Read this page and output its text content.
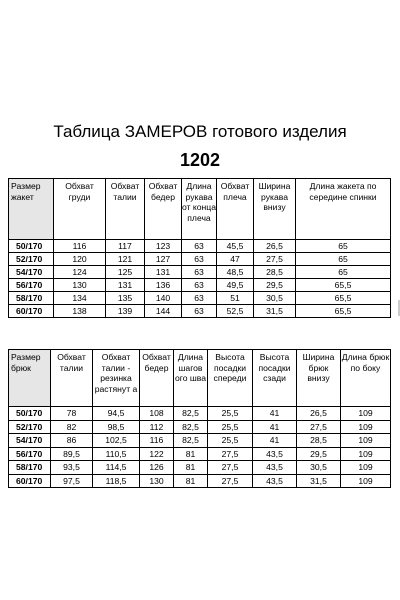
Таблица ЗАМЕРОВ готового изделия
1202
Размер жакет	Обхват груди	Обхват талии	Обхват бедер	Длина рукава от конца плеча	Обхват плеча	Ширина рукава внизу	Длина жакета по середине спинки
50/170	116	117	123	63	45,5	26,5	65
52/170	120	121	127	63	47	27,5	65
54/170	124	125	131	63	48,5	28,5	65
56/170	130	131	136	63	49,5	29,5	65,5
58/170	134	135	140	63	51	30,5	65,5
60/170	138	139	144	63	52,5	31,5	65,5
Размер брюк	Обхват талии	Обхват талии - резинка растянут а	Обхват бедер	Длина шагов ого шва	Высота посадки спереди	Высота посадки сзади	Ширина брюк внизу	Длина брюк по боку
50/170	78	94,5	108	82,5	25,5	41	26,5	109
52/170	82	98,5	112	82,5	25,5	41	27,5	109
54/170	86	102,5	116	82,5	25,5	41	28,5	109
56/170	89,5	110,5	122	81	27,5	43,5	29,5	109
58/170	93,5	114,5	126	81	27,5	43,5	30,5	109
60/170	97,5	118,5	130	81	27,5	43,5	31,5	109
